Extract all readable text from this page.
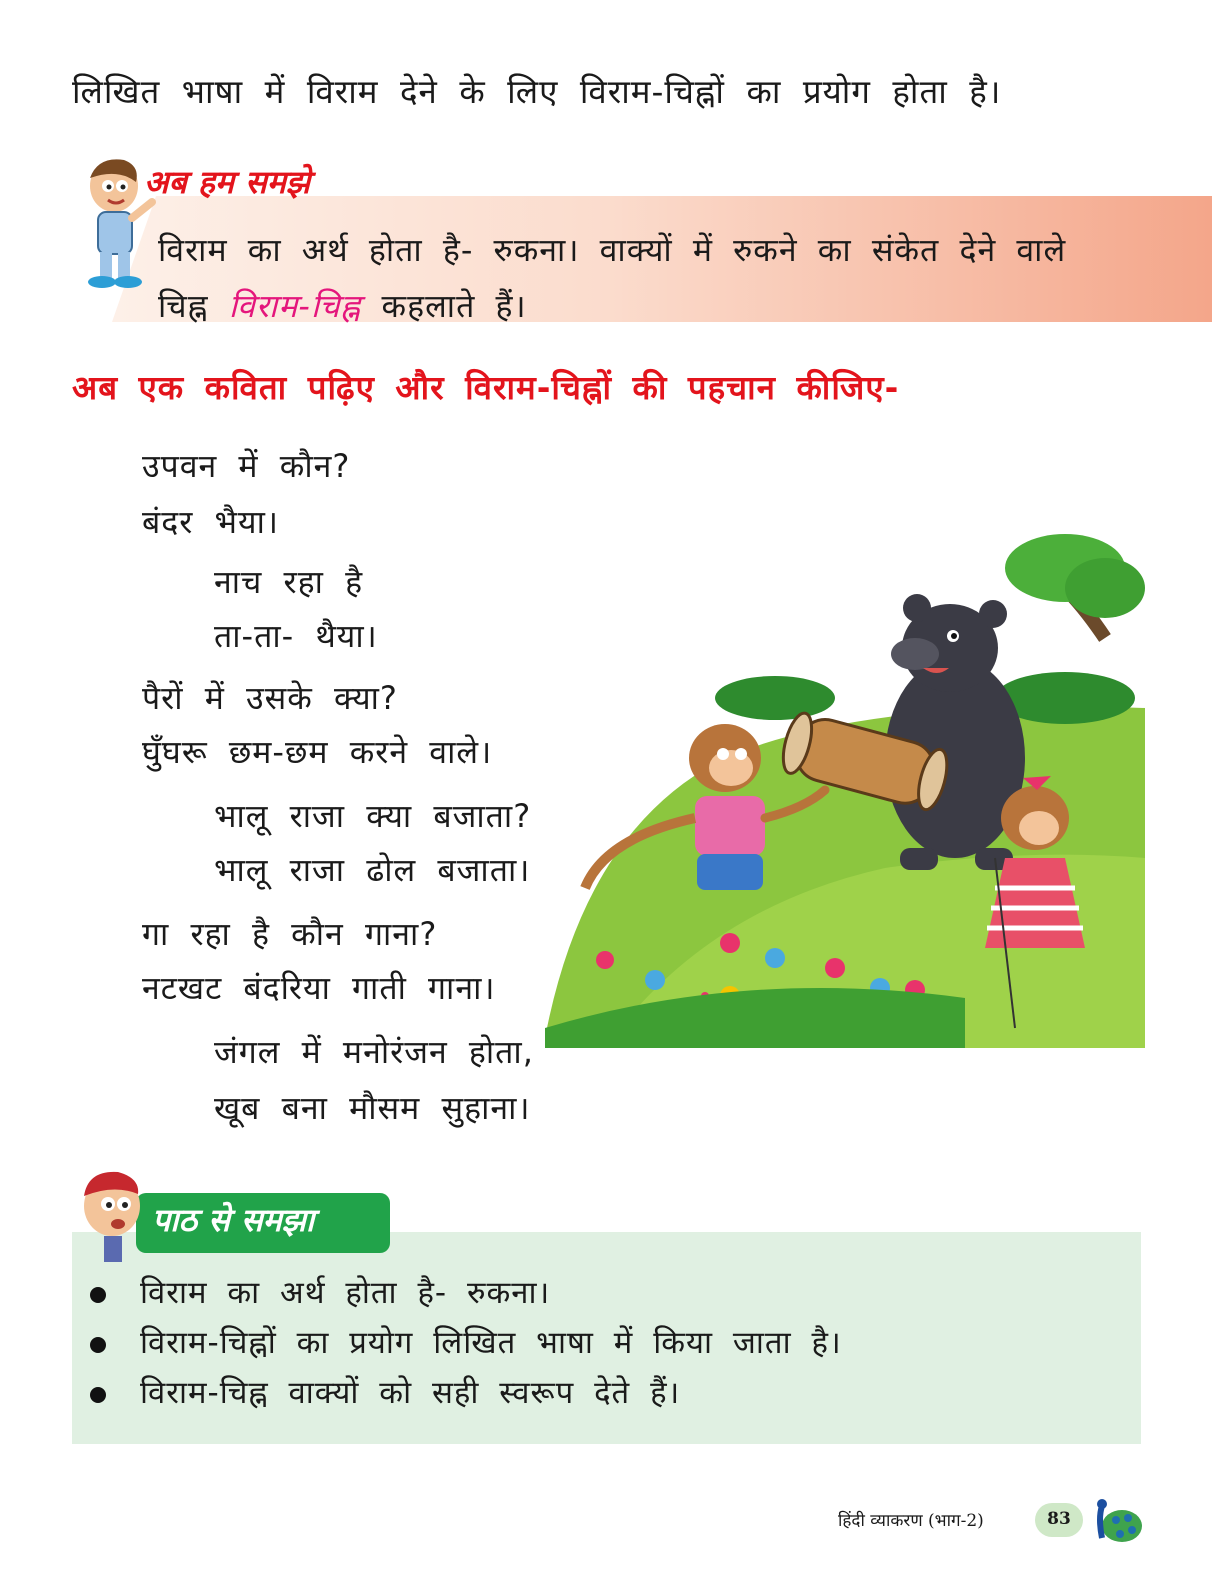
लिखित भाषा में विराम देने के लिए विराम-चिह्नों का प्रयोग होता है।

अब हम समझे

विराम का अर्थ होता है- रुकना। वाक्यों में रुकने का संकेत देने वाले चिह्न विराम-चिह्न कहलाते हैं।

अब एक कविता पढ़िए और विराम-चिह्नों की पहचान कीजिए-
उपवन में कौन?
बंदर भैया।
नाच रहा है
ता-ता- थैया।
पैरों में उसके क्या?
घुँघरू छम-छम करने वाले।
भालू राजा क्या बजाता?
भालू राजा ढोल बजाता।
गा रहा है कौन गाना?
नटखट बंदरिया गाती गाना।
जंगल में मनोरंजन होता,
खूब बना मौसम सुहाना।
पाठ से समझा
विराम का अर्थ होता है- रुकना।
विराम-चिह्नों का प्रयोग लिखित भाषा में किया जाता है।
विराम-चिह्न वाक्यों को सही स्वरूप देते हैं।

हिंदी व्याकरण (भाग-2)	83
